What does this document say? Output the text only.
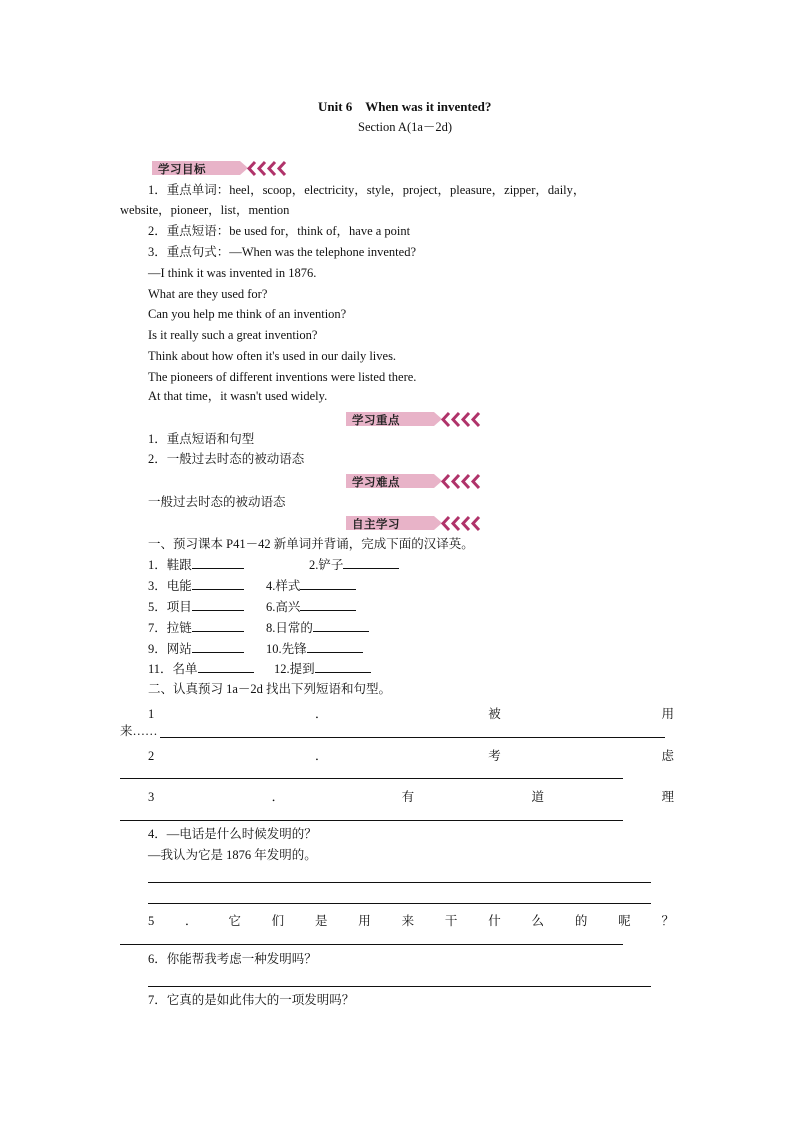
Unit 6　When was it invented?
Section A(1a－2d)
学习目标
1．重点单词：heel，scoop，electricity，style，project，pleasure，zipper，daily，
website，pioneer，list，mention
2．重点短语：be used for，think of，have a point
3．重点句式：—When was the telephone invented?
—I think it was invented in 1876.
What are they used for?
Can you help me think of an invention?
Is it really such a great invention?
Think about how often it's used in our daily lives.
The pioneers of different inventions were listed there.
At that time，it wasn't used widely.
学习重点
1．重点短语和句型
2．一般过去时态的被动语态
学习难点
一般过去时态的被动语态
自主学习
一、预习课本 P41－42 新单词并背诵，完成下面的汉译英。
1．鞋跟	2.铲子
3．电能	4.样式
5．项目	6.高兴
7．拉链	8.日常的
9．网站	10.先锋
11．名单	12.提到
二、认真预习 1a－2d 找出下列短语和句型。
1	．	被	用
来……
2	．	考	虑
3	．	有	道	理
4．—电话是什么时候发明的？
—我认为它是 1876 年发明的。
5 ． 它 们 是 用 来 干 什 么 的 呢 ？
6．你能帮我考虑一种发明吗？
7．它真的是如此伟大的一项发明吗？
